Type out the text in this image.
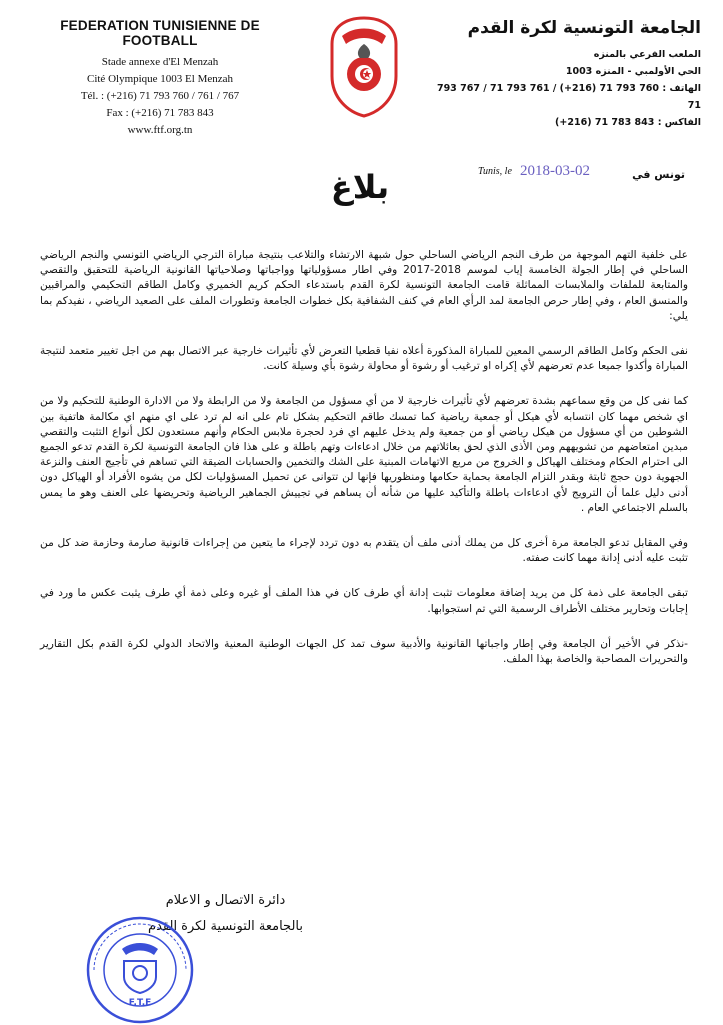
FEDERATION TUNISIENNE DE FOOTBALL
Stade annexe d'El Menzah
Cité Olympique 1003 El Menzah
Tél. : (+216) 71 793 760 / 761 / 767
Fax : (+216) 71 783 843
www.ftf.org.tn
الجامعة التونسية لكرة القدم
الملعب الفرعي بالمنزه
الحي الأولمبي - المنزه 1003
الهاتف : 760 793 71 (216+) / 761 793 71 / 767 793 71
الفاكس : 843 783 71 (216+)
تونس في
2018-03-02
Tunis, le
بلاغ

على خلفية التهم الموجهة من طرف النجم الرياضي الساحلي حول شبهة الارتشاء والتلاعب بنتيجة مباراة الترجي الرياضي التونسي والنجم الرياضي الساحلي في إطار الجولة الخامسة إياب لموسم 2018-2017 وفي اطار مسؤولياتها وواجباتها وصلاحياتها القانونية الرياضية للتحقيق والتقصي والمتابعة للملفات والملابسات المماثلة قامت الجامعة التونسية لكرة القدم باستدعاء الحكم كريم الخميري وكامل الطاقم التحكيمي والمراقبين والمنسق العام ، وفي إطار حرص الجامعة لمد الرأي العام في كنف الشفافية بكل خطوات الجامعة وتطورات الملف على الصعيد الرياضي ، نفيدكم بما يلي:

نفى الحكم وكامل الطاقم الرسمي المعين للمباراة المذكورة أعلاه نفيا قطعيا التعرض لأي تأثيرات خارجية عبر الاتصال بهم من اجل تغيير متعمد لنتيجة المباراة وأكدوا جميعا عدم تعرضهم لأي إكراه او ترغيب أو رشوة أو محاولة رشوة بأي وسيلة كانت.

كما نفى كل من وقع سماعهم بشدة تعرضهم لأي تأثيرات خارجية لا من أي مسؤول من الجامعة ولا من الرابطة ولا من الادارة الوطنية للتحكيم ولا من اي شخص مهما كان انتسابه لأي هيكل أو جمعية رياضية كما تمسك طاقم التحكيم بشكل تام على انه لم ترد على اي منهم اي مكالمة هاتفية بين الشوطين من أي مسؤول من هيكل رياضي أو من جمعية ولم يدخل عليهم اي فرد لحجرة ملابس الحكام وأنهم مستعدون لكل أنواع التثبت والتقصي مبدين امتعاضهم من تشويههم ومن الأذى الذي لحق بعائلاتهم من خلال ادعاءات وتهم باطلة و على هذا فان الجامعة التونسية لكرة القدم تدعو الجميع الى احترام الحكام ومختلف الهياكل و الخروج من مربع الاتهامات المبنية على الشك والتخمين والحسابات الضيقة التي تساهم في تأجيج العنف والنزعة الجهوية دون حجج ثابتة وبقدر التزام الجامعة بحماية حكامها ومنظوريها فإنها لن تتوانى عن تحميل المسؤوليات لكل من يشوه الأفراد أو الهياكل دون أدنى دليل علما أن الترويج لأي ادعاءات باطلة والتأكيد عليها من شأنه أن يساهم في تجييش الجماهير الرياضية وتحريضها على العنف وهو ما يمس بالسلم الاجتماعي العام .

وفي المقابل تدعو الجامعة مرة أخرى كل من يملك أدنى ملف أن يتقدم به دون تردد لإجراء ما يتعين من إجراءات قانونية صارمة وحازمة ضد كل من تثبت عليه أدنى إدانة مهما كانت صفته.

تبقى الجامعة على ذمة كل من يريد إضافة معلومات تثبت إدانة أي طرف كان في هذا الملف أو غيره وعلى ذمة أي طرف يثبت عكس ما ورد في إجابات وتحارير مختلف الأطراف الرسمية التي تم استجوابها.

-نذكر في الأخير أن الجامعة وفي إطار واجباتها القانونية والأدبية سوف تمد كل الجهات الوطنية المعنية والاتحاد الدولي لكرة القدم بكل التقارير والتحريرات المصاحبة والخاصة بهذا الملف.

دائرة الاتصال و الاعلام
بالجامعة التونسية لكرة القدم
F.T.F
